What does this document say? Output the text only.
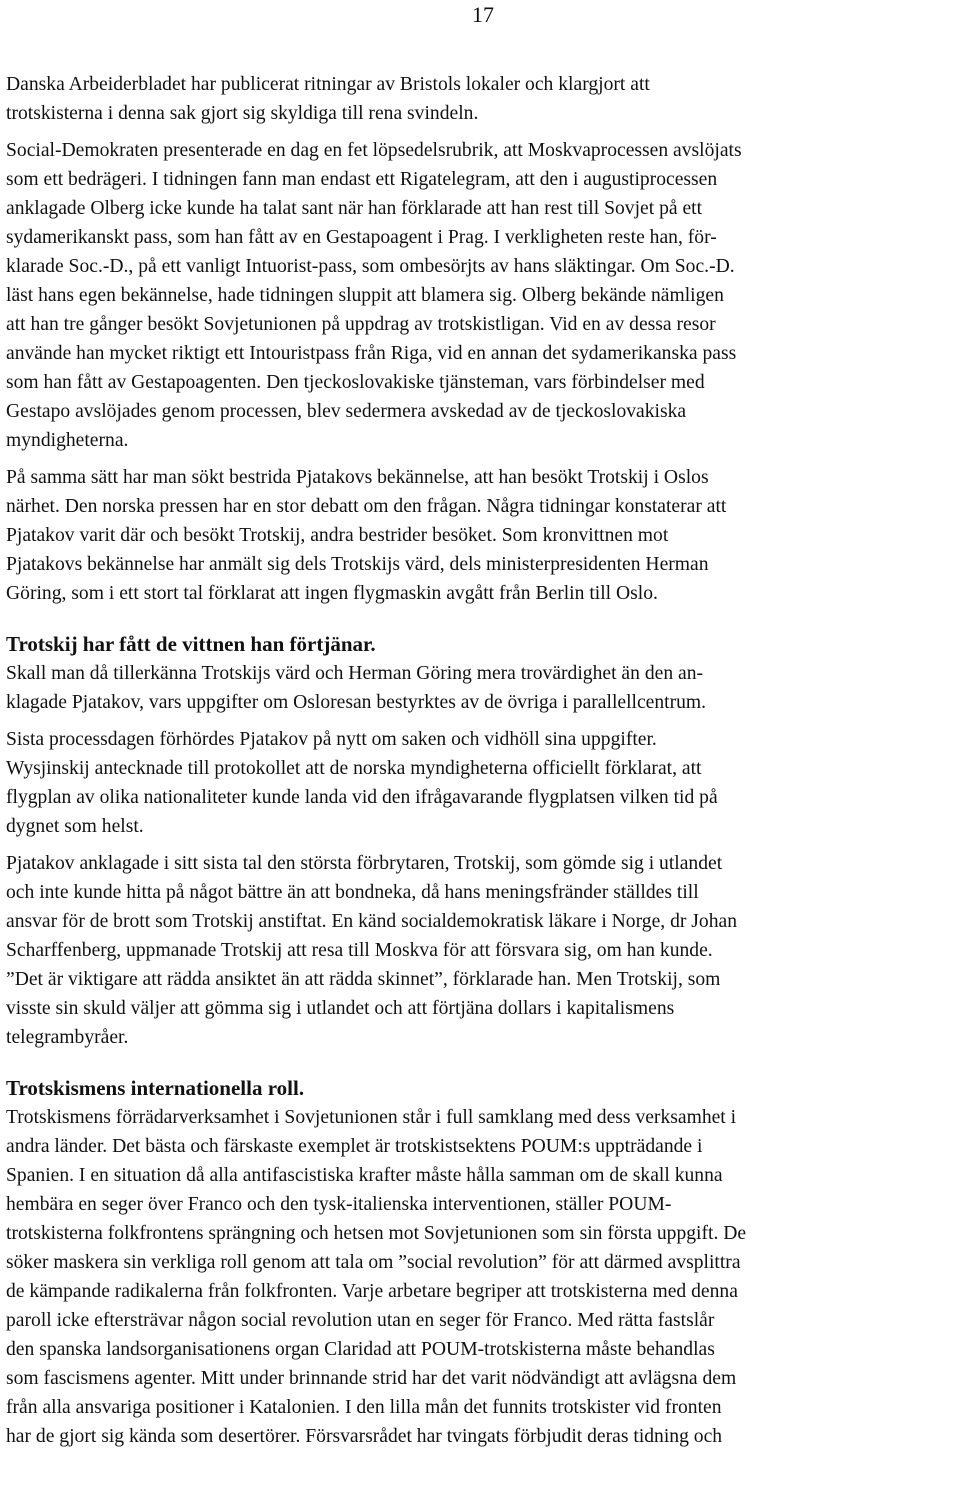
17

Danska Arbeiderbladet har publicerat ritningar av Bristols lokaler och klargjort att
trotskisterna i denna sak gjort sig skyldiga till rena svindeln.

Social-Demokraten presenterade en dag en fet löpsedelsrubrik, att Moskvaprocessen avslöjats
som ett bedrägeri. I tidningen fann man endast ett Rigatelegram, att den i augustiprocessen
anklagade Olberg icke kunde ha talat sant när han förklarade att han rest till Sovjet på ett
sydamerikanskt pass, som han fått av en Gestapoagent i Prag. I verkligheten reste han, för-
klarade Soc.-D., på ett vanligt Intuorist-pass, som ombesörjts av hans släktingar. Om Soc.-D.
läst hans egen bekännelse, hade tidningen sluppit att blamera sig. Olberg bekände nämligen
att han tre gånger besökt Sovjetunionen på uppdrag av trotskistligan. Vid en av dessa resor
använde han mycket riktigt ett Intouristpass från Riga, vid en annan det sydamerikanska pass
som han fått av Gestapoagenten. Den tjeckoslovakiske tjänsteman, vars förbindelser med
Gestapo avslöjades genom processen, blev sedermera avskedad av de tjeckoslovakiska
myndigheterna.

På samma sätt har man sökt bestrida Pjatakovs bekännelse, att han besökt Trotskij i Oslos
närhet. Den norska pressen har en stor debatt om den frågan. Några tidningar konstaterar att
Pjatakov varit där och besökt Trotskij, andra bestrider besöket. Som kronvittnen mot
Pjatakovs bekännelse har anmält sig dels Trotskijs värd, dels ministerpresidenten Herman
Göring, som i ett stort tal förklarat att ingen flygmaskin avgått från Berlin till Oslo.

Trotskij har fått de vittnen han förtjänar.

Skall man då tillerkänna Trotskijs värd och Herman Göring mera trovärdighet än den an-
klagade Pjatakov, vars uppgifter om Osloresan bestyrktes av de övriga i parallellcentrum.

Sista processdagen förhördes Pjatakov på nytt om saken och vidhöll sina uppgifter.
Wysjinskij antecknade till protokollet att de norska myndigheterna officiellt förklarat, att
flygplan av olika nationaliteter kunde landa vid den ifrågavarande flygplatsen vilken tid på
dygnet som helst.

Pjatakov anklagade i sitt sista tal den största förbrytaren, Trotskij, som gömde sig i utlandet
och inte kunde hitta på något bättre än att bondneka, då hans meningsfränder ställdes till
ansvar för de brott som Trotskij anstiftat. En känd socialdemokratisk läkare i Norge, dr Johan
Scharffenberg, uppmanade Trotskij att resa till Moskva för att försvara sig, om han kunde.
”Det är viktigare att rädda ansiktet än att rädda skinnet”, förklarade han. Men Trotskij, som
visste sin skuld väljer att gömma sig i utlandet och att förtjäna dollars i kapitalismens
telegrambyråer.

Trotskismens internationella roll.

Trotskismens förrädarverksamhet i Sovjetunionen står i full samklang med dess verksamhet i
andra länder. Det bästa och färskaste exemplet är trotskistsektens POUM:s uppträdande i
Spanien. I en situation då alla antifascistiska krafter måste hålla samman om de skall kunna
hembära en seger över Franco och den tysk-italienska interventionen, ställer POUM-
trotskisterna folkfrontens sprängning och hetsen mot Sovjetunionen som sin första uppgift. De
söker maskera sin verkliga roll genom att tala om ”social revolution” för att därmed avsplittra
de kämpande radikalerna från folkfronten. Varje arbetare begriper att trotskisterna med denna
paroll icke eftersträvar någon social revolution utan en seger för Franco. Med rätta fastslår
den spanska landsorganisationens organ Claridad att POUM-trotskisterna måste behandlas
som fascismens agenter. Mitt under brinnande strid har det varit nödvändigt att avlägsna dem
från alla ansvariga positioner i Katalonien. I den lilla mån det funnits trotskister vid fronten
har de gjort sig kända som desertörer. Försvarsrådet har tvingats förbjudit deras tidning och
